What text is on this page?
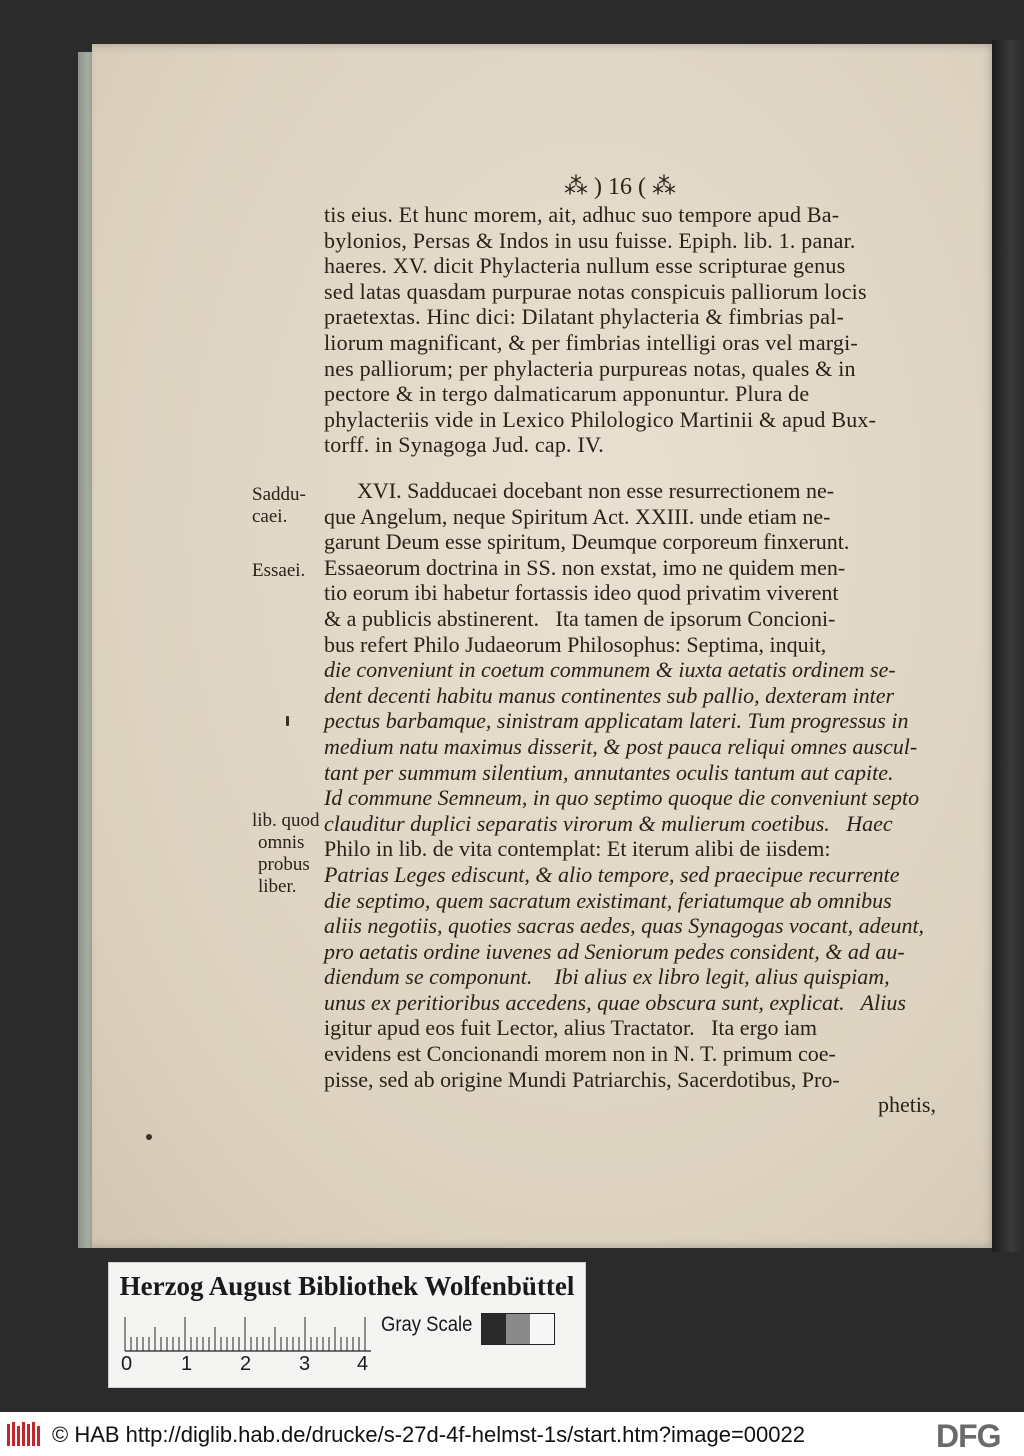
⁂ ) 16 ( ⁂
tis eius. Et hunc morem, ait, adhuc suo tempore apud Ba-
bylonios, Persas & Indos in usu fuisse. Epiph. lib. 1. panar.
haeres. XV. dicit Phylacteria nullum esse scripturae genus
sed latas quasdam purpurae notas conspicuis palliorum locis
praetextas. Hinc dici: Dilatant phylacteria & fimbrias pal-
liorum magnificant, & per fimbrias intelligi oras vel margi-
nes palliorum; per phylacteria purpureas notas, quales & in
pectore & in tergo dalmaticarum apponuntur. Plura de
phylacteriis vide in Lexico Philologico Martinii & apud Bux-
torff. in Synagoga Jud. cap. IV.
XVI. Sadducaei docebant non esse resurrectionem ne-
que Angelum, neque Spiritum Act. XXIII. unde etiam ne-
garunt Deum esse spiritum, Deumque corporeum finxerunt.
Essaeorum doctrina in SS. non exstat, imo ne quidem men-
tio eorum ibi habetur fortassis ideo quod privatim viverent
& a publicis abstinerent.   Ita tamen de ipsorum Concioni-
bus refert Philo Judaeorum Philosophus: Septima, inquit,
die conveniunt in coetum communem & iuxta aetatis ordinem se-
dent decenti habitu manus continentes sub pallio, dexteram inter
pectus barbamque, sinistram applicatam lateri. Tum progressus in
medium natu maximus disserit, & post pauca reliqui omnes auscul-
tant per summum silentium, annutantes oculis tantum aut capite.
Id commune Semneum, in quo septimo quoque die conveniunt septo
clauditur duplici separatis virorum & mulierum coetibus.   Haec
Philo in lib. de vita contemplat: Et iterum alibi de iisdem:
Patrias Leges ediscunt, & alio tempore, sed praecipue recurrente
die septimo, quem sacratum existimant, feriatumque ab omnibus
aliis negotiis, quoties sacras aedes, quas Synagogas vocant, adeunt,
pro aetatis ordine iuvenes ad Seniorum pedes consident, & ad au-
diendum se componunt.    Ibi alius ex libro legit, alius quispiam,
unus ex peritioribus accedens, quae obscura sunt, explicat.   Alius
igitur apud eos fuit Lector, alius Tractator.   Ita ergo iam
evidens est Concionandi morem non in N. T. primum coe-
pisse, sed ab origine Mundi Patriarchis, Sacerdotibus, Pro-
phetis,
Saddu-
caei.
Essaei.
lib. quod
omnis
probus
liber.
Herzog August Bibliothek Wolfenbüttel
0 1 2 3 4
Gray Scale
© HAB http://diglib.hab.de/drucke/s-27d-4f-helmst-1s/start.htm?image=00022	DFG
